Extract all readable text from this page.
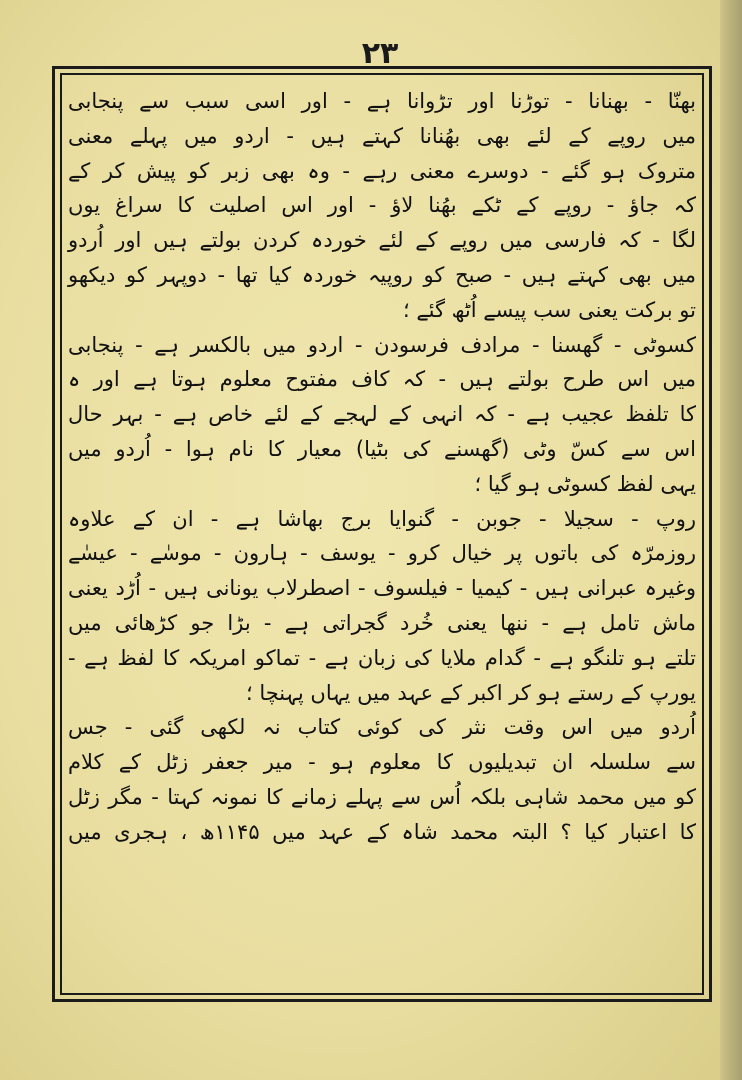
۲۳
بھنّا - بھنانا - توڑنا اور تڑوانا ہے - اور اسی سبب سے پنجابی
میں روپے کے لئے بھی بھُنانا کہتے ہیں - اردو میں پہلے معنی
متروک ہو گئے - دوسرے معنی رہے - وہ بھی زبر کو پیش کر کے
کہ جاؤ - روپے کے ٹکے بھُنا لاؤ - اور اس اصلیت کا سراغ یوں
لگا - کہ فارسی میں روپے کے لئے خوردہ کردن بولتے ہیں اور اُردو
میں بھی کہتے ہیں - صبح کو روپیہ خوردہ کیا تھا - دوپہر کو دیکھو
تو برکت یعنی سب پیسے اُٹھ گئے ؛
کسوٹی - گھسنا - مرادف فرسودن - اردو میں بالکسر ہے - پنجابی
میں اس طرح بولتے ہیں - کہ کاف مفتوح معلوم ہوتا ہے اور ہ
کا تلفظ عجیب ہے - کہ انہی کے لہجے کے لئے خاص ہے - بہر حال
اس سے کسّ وٹی (گھسنے کی بٹیا) معیار کا نام ہوا - اُردو میں
یہی لفظ کسوٹی ہو گیا ؛
روپ - سجیلا - جوبن - گنوایا برج بھاشا ہے - ان کے علاوہ
روزمرّہ کی باتوں پر خیال کرو - یوسف - ہارون - موسٰے - عیسٰے
وغیرہ عبرانی ہیں - کیمیا - فیلسوف - اصطرلاب یونانی ہیں - اُڑد یعنی
ماش تامل ہے - ننھا یعنی خُرد گجراتی ہے - بڑا جو کڑھائی میں
تلتے ہو تلنگو ہے - گدام ملایا کی زبان ہے - تماکو امریکہ کا لفظ ہے -
یورپ کے رستے ہو کر اکبر کے عہد میں یہاں پہنچا ؛
اُردو میں اس وقت نثر کی کوئی کتاب نہ لکھی گئی - جس
سے سلسلہ ان تبدیلیوں کا معلوم ہو - میر جعفر زٹل کے کلام
کو میں محمد شاہی بلکہ اُس سے پہلے زمانے کا نمونہ کہتا - مگر زٹل
کا اعتبار کیا ؟ البتہ محمد شاہ کے عہد میں ۱۱۴۵ھ ، ہجری میں
